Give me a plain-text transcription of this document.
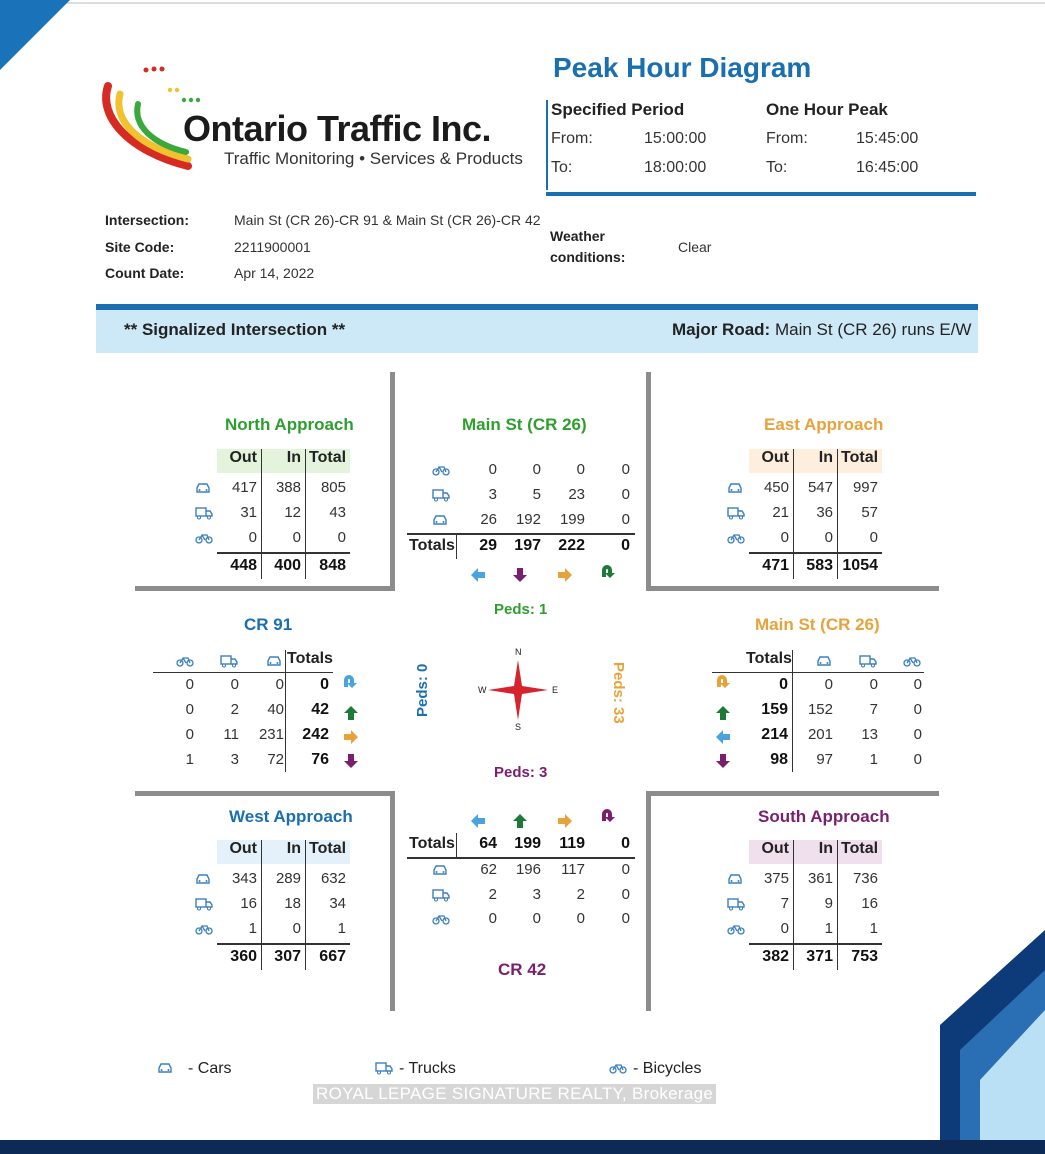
Ontario Traffic Inc.
Traffic Monitoring • Services & Products
Peak Hour Diagram
Specified Period
From:	15:00:00
To:	18:00:00
One Hour Peak
From:	15:45:00
To:	16:45:00
Intersection:	Main St (CR 26)-CR 91 & Main St (CR 26)-CR 42
Site Code:	2211900001
Count Date:	Apr 14, 2022
Weather
conditions:
Clear
** Signalized Intersection **	Major Road: Main St (CR 26) runs E/W
North Approach
Out	In Total
East Approach
Out	In Total
West Approach
Out	In Total
South Approach
Out	In Total
Main St (CR 26)
Totals
Peds: 1
CR 91
Totals
Peds: 0
Main St (CR 26)
Totals
Peds: 33
CR 42
Totals
Peds: 3
N
S
E
W
- Cars	- Trucks	- Bicycles
ROYAL LEPAGE SIGNATURE REALTY, Brokerage
417	388	805
31	12	43
0	0	0
448	400	848
450	547	997
21	36	57
0	0	0
471	583 1054
343	289	632
16	18	34
1	0	1
360	307	667
375	361	736
7	9	16
0	1	1
382	371	753
0	0	0	0
3	5	23	0
26	192	199	0
29	197	222	0
0	0	0	0
0	2	40	42
0	11	231	242
1	3	72	76
0	0	0	0
159	152	7	0
214	201	13	0
98	97	1	0
64	199	119	0
62	196	117	0
2	3	2	0
0	0	0	0
